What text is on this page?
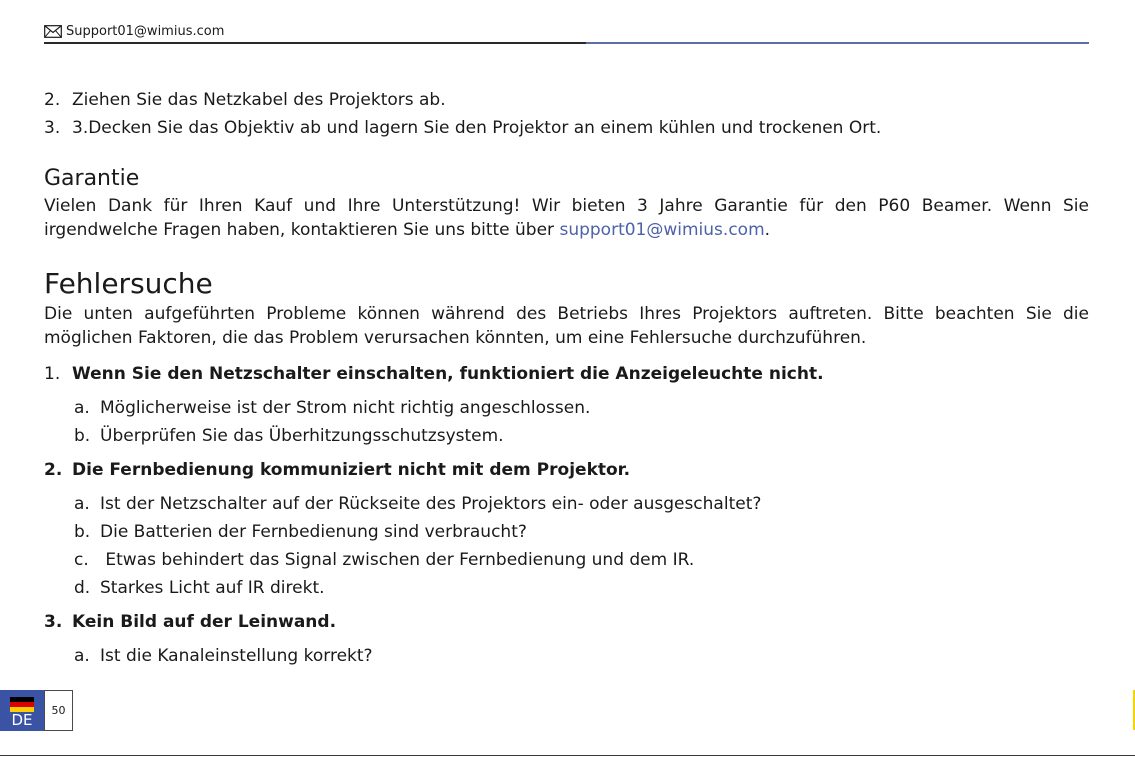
Support01@wimius.com
2. Ziehen Sie das Netzkabel des Projektors ab.
3. 3.Decken Sie das Objektiv ab und lagern Sie den Projektor an einem kühlen und trockenen Ort.
Garantie
Vielen Dank für Ihren Kauf und Ihre Unterstützung! Wir bieten 3 Jahre Garantie für den P60 Beamer. Wenn Sie irgendwelche Fragen haben, kontaktieren Sie uns bitte über support01@wimius.com.
Fehlersuche
Die unten aufgeführten Probleme können während des Betriebs Ihres Projektors auftreten. Bitte beachten Sie die möglichen Faktoren, die das Problem verursachen könnten, um eine Fehlersuche durchzuführen.
1. Wenn Sie den Netzschalter einschalten, funktioniert die Anzeigeleuchte nicht.
a. Möglicherweise ist der Strom nicht richtig angeschlossen.
b. Überprüfen Sie das Überhitzungsschutzsystem.
2. Die Fernbedienung kommuniziert nicht mit dem Projektor.
a. Ist der Netzschalter auf der Rückseite des Projektors ein- oder ausgeschaltet?
b. Die Batterien der Fernbedienung sind verbraucht?
c. Etwas behindert das Signal zwischen der Fernbedienung und dem IR.
d. Starkes Licht auf IR direkt.
3. Kein Bild auf der Leinwand.
a. Ist die Kanaleinstellung korrekt?
DE
50
